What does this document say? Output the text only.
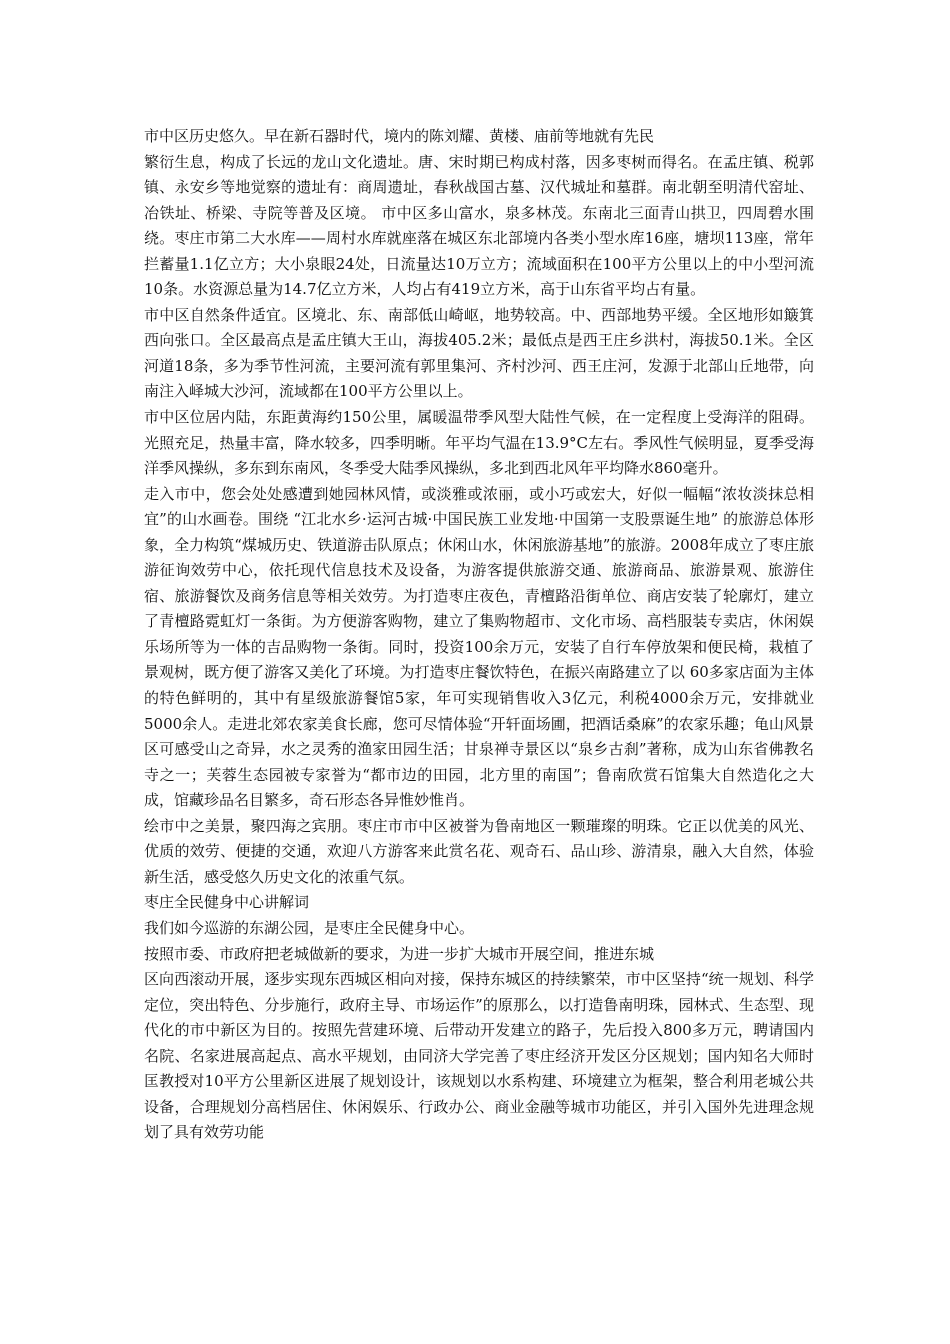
市中区历史悠久。早在新石器时代，境内的陈刘耀、黄楼、庙前等地就有先民

繁衍生息，构成了长远的龙山文化遗址。唐、宋时期已构成村落，因多枣树而得名。在孟庄镇、税郭镇、永安乡等地觉察的遗址有：商周遗址，春秋战国古墓、汉代城址和墓群。南北朝至明清代窑址、冶铁址、桥梁、寺院等普及区境。 市中区多山富水，泉多林茂。东南北三面青山拱卫，四周碧水围绕。枣庄市第二大水库——周村水库就座落在城区东北部境内各类小型水库16座，塘坝113座，常年拦蓄量1.1亿立方；大小泉眼24处，日流量达10万立方；流域面积在100平方公里以上的中小型河流10条。水资源总量为14.7亿立方米，人均占有419立方米，高于山东省平均占有量。

市中区自然条件适宜。区境北、东、南部低山崎岖，地势较高。中、西部地势平缓。全区地形如簸箕西向张口。全区最高点是孟庄镇大王山，海拔405.2米；最低点是西王庄乡洪村，海拔50.1米。全区河道18条，多为季节性河流，主要河流有郭里集河、齐村沙河、西王庄河，发源于北部山丘地带，向南注入峄城大沙河，流域都在100平方公里以上。

市中区位居内陆，东距黄海约150公里，属暖温带季风型大陆性气候，在一定程度上受海洋的阻碍。光照充足，热量丰富，降水较多，四季明晰。年平均气温在13.9°C左右。季风性气候明显，夏季受海洋季风操纵，多东到东南风，冬季受大陆季风操纵，多北到西北风年平均降水860毫升。

走入市中，您会处处感遭到她园林风情，或淡雅或浓丽，或小巧或宏大，好似一幅幅“浓妆淡抹总相宜”的山水画卷。围绕 “江北水乡·运河古城·中国民族工业发地·中国第一支股票诞生地” 的旅游总体形象，全力构筑“煤城历史、铁道游击队原点；休闲山水，休闲旅游基地”的旅游。2008年成立了枣庄旅游征询效劳中心，依托现代信息技术及设备，为游客提供旅游交通、旅游商品、旅游景观、旅游住宿、旅游餐饮及商务信息等相关效劳。为打造枣庄夜色，青檀路沿街单位、商店安装了轮廓灯，建立了青檀路霓虹灯一条街。为方便游客购物，建立了集购物超市、文化市场、高档服装专卖店，休闲娱乐场所等为一体的吉品购物一条街。同时，投资100余万元，安装了自行车停放架和便民椅，栽植了景观树，既方便了游客又美化了环境。为打造枣庄餐饮特色，在振兴南路建立了以 60多家店面为主体的特色鲜明的，其中有星级旅游餐馆5家，年可实现销售收入3亿元，利税4000余万元，安排就业5000余人。走进北郊农家美食长廊，您可尽情体验“开轩面场圃，把酒话桑麻”的农家乐趣；龟山风景区可感受山之奇异，水之灵秀的渔家田园生活；甘泉禅寺景区以“泉乡古刹”著称，成为山东省佛教名寺之一；芙蓉生态园被专家誉为“都市边的田园，北方里的南国”；鲁南欣赏石馆集大自然造化之大成，馆藏珍品名目繁多，奇石形态各异惟妙惟肖。

绘市中之美景，聚四海之宾朋。枣庄市市中区被誉为鲁南地区一颗璀璨的明珠。它正以优美的风光、优质的效劳、便捷的交通，欢迎八方游客来此赏名花、观奇石、品山珍、游清泉，融入大自然，体验新生活，感受悠久历史文化的浓重气氛。

枣庄全民健身中心讲解词

我们如今巡游的东湖公园，是枣庄全民健身中心。

按照市委、市政府把老城做新的要求，为进一步扩大城市开展空间，推进东城

区向西滚动开展，逐步实现东西城区相向对接，保持东城区的持续繁荣，市中区坚持“统一规划、科学定位，突出特色、分步施行，政府主导、市场运作”的原那么，以打造鲁南明珠，园林式、生态型、现代化的市中新区为目的。按照先营建环境、后带动开发建立的路子，先后投入800多万元，聘请国内名院、名家进展高起点、高水平规划，由同济大学完善了枣庄经济开发区分区规划；国内知名大师时匡教授对10平方公里新区进展了规划设计，该规划以水系构建、环境建立为框架，整合利用老城公共设备，合理规划分高档居住、休闲娱乐、行政办公、商业金融等城市功能区，并引入国外先进理念规划了具有效劳功能
